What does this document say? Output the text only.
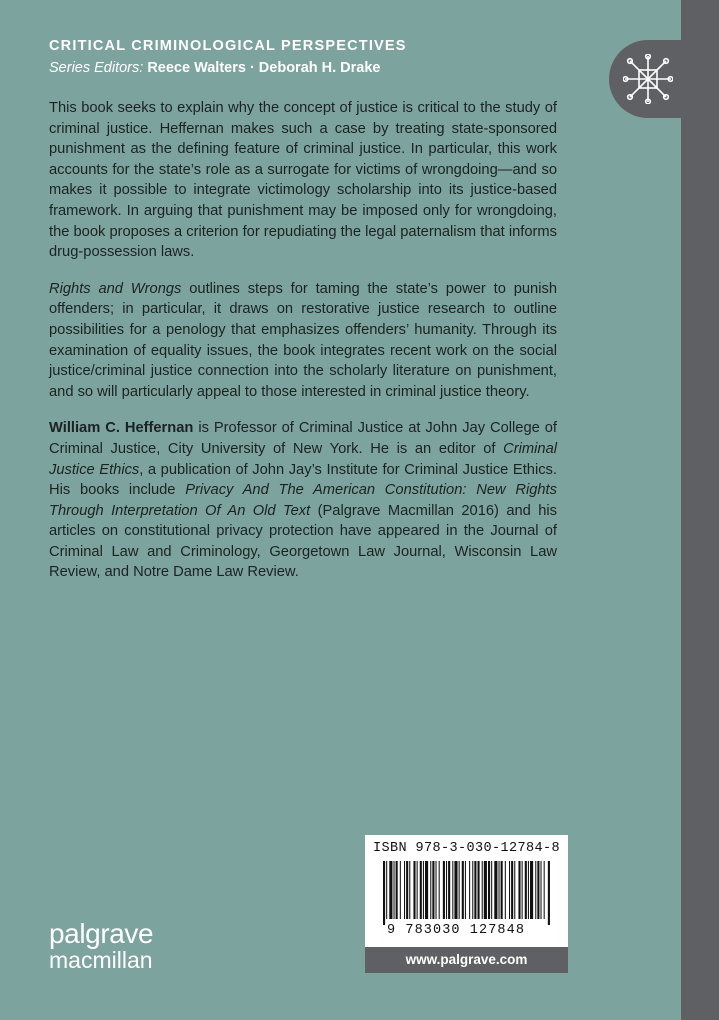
CRITICAL CRIMINOLOGICAL PERSPECTIVES

Series Editors: Reece Walters · Deborah H. Drake

This book seeks to explain why the concept of justice is critical to the study of criminal justice. Heffernan makes such a case by treating state-sponsored punishment as the defining feature of criminal justice. In particular, this work accounts for the state’s role as a surrogate for victims of wrongdoing—and so makes it possible to integrate victimology scholarship into its justice-based framework. In arguing that punishment may be imposed only for wrongdoing, the book proposes a criterion for repudiating the legal paternalism that informs drug-possession laws.

Rights and Wrongs outlines steps for taming the state’s power to punish offenders; in particular, it draws on restorative justice research to outline possibilities for a penology that emphasizes offenders’ humanity. Through its examination of equality issues, the book integrates recent work on the social justice/criminal justice connection into the scholarly literature on punishment, and so will particularly appeal to those interested in criminal justice theory.

William C. Heffernan is Professor of Criminal Justice at John Jay College of Criminal Justice, City University of New York. He is an editor of Criminal Justice Ethics, a publication of John Jay’s Institute for Criminal Justice Ethics. His books include Privacy And The American Constitution: New Rights Through Interpretation Of An Old Text (Palgrave Macmillan 2016) and his articles on constitutional privacy protection have appeared in the Journal of Criminal Law and Criminology, Georgetown Law Journal, Wisconsin Law Review, and Notre Dame Law Review.

ISBN 978-3-030-12784-8
9 783030 127848
www.palgrave.com
palgrave
macmillan
